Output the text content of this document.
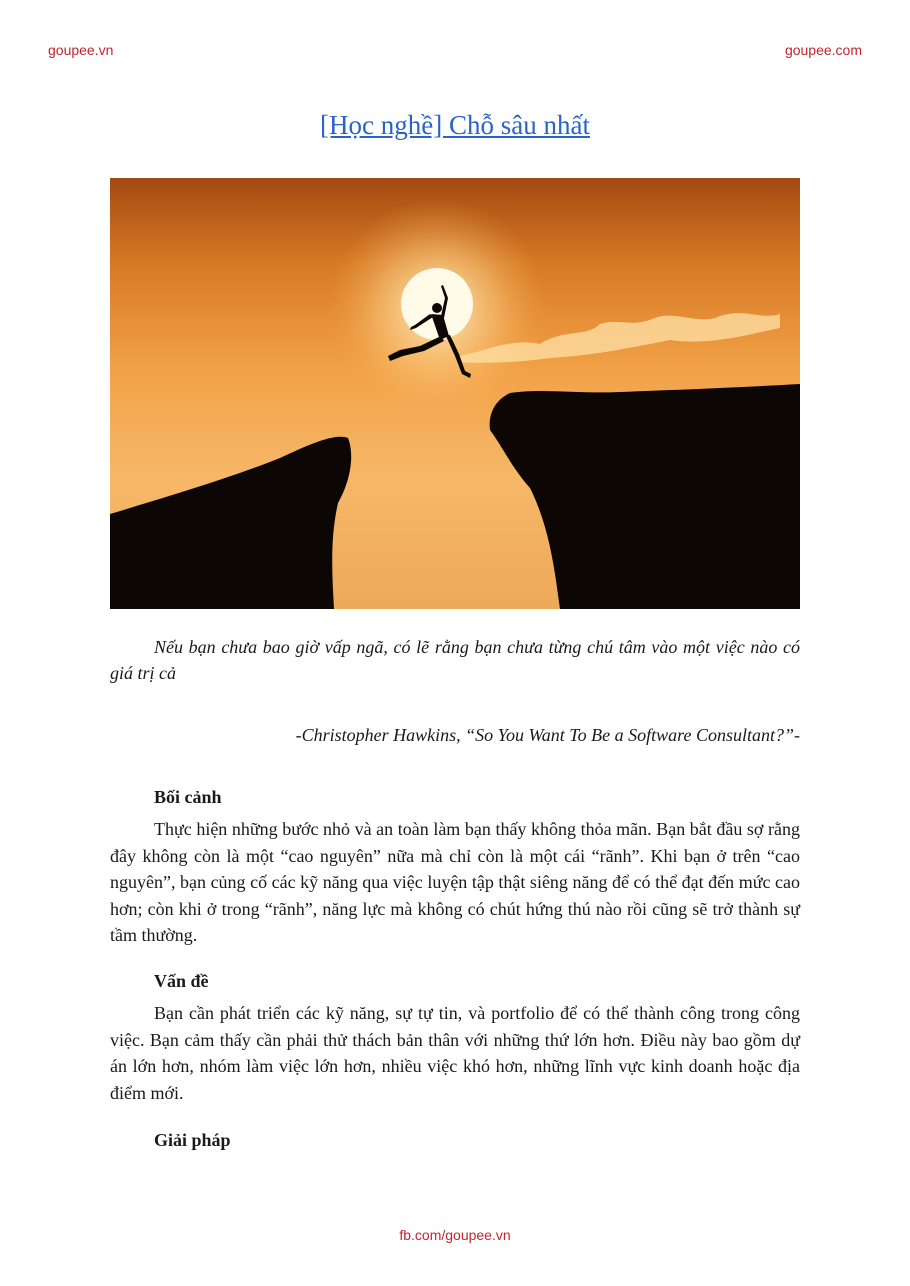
goupee.vn	goupee.com
[Học nghề] Chỗ sâu nhất

Nếu bạn chưa bao giờ vấp ngã, có lẽ rằng bạn chưa từng chú tâm vào một việc nào có giá trị cả

-Christopher Hawkins, “So You Want To Be a Software Consultant?”-

Bối cảnh

Thực hiện những bước nhỏ và an toàn làm bạn thấy không thỏa mãn. Bạn bắt đầu sợ rằng đây không còn là một “cao nguyên” nữa mà chỉ còn là một cái “rãnh”. Khi bạn ở trên “cao nguyên”, bạn củng cố các kỹ năng qua việc luyện tập thật siêng năng để có thể đạt đến mức cao hơn; còn khi ở trong “rãnh”, năng lực mà không có chút hứng thú nào rồi cũng sẽ trở thành sự tầm thường.

Vấn đề

Bạn cần phát triển các kỹ năng, sự tự tin, và portfolio để có thể thành công trong công việc. Bạn cảm thấy cần phải thử thách bản thân với những thứ lớn hơn. Điều này bao gồm dự án lớn hơn, nhóm làm việc lớn hơn, nhiều việc khó hơn, những lĩnh vực kinh doanh hoặc địa điểm mới.

Giải pháp
fb.com/goupee.vn
